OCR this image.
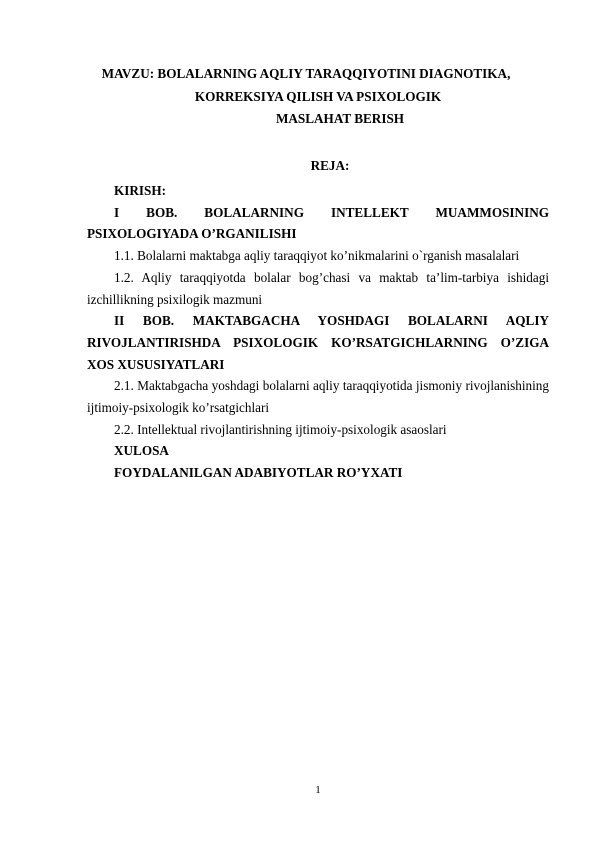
MAVZU: BOLALARNING AQLIY TARAQQIYOTINI DIAGNOTIKA,
KORREKSIYA QILISH VA PSIXOLOGIK
MASLAHAT BERISH
REJA:

KIRISH:

I BOB. BOLALARNING INTELLEKT MUAMMOSINING PSIXOLOGIYADA O’RGANILISHI

1.1. Bolalarni maktabga aqliy taraqqiyot ko’nikmalarini o`rganish masalalari

1.2. Aqliy taraqqiyotda bolalar bog’chasi va maktab ta’lim-tarbiya ishidagi izchillikning psixilogik mazmuni

II BOB. MAKTABGACHA YOSHDAGI BOLALARNI AQLIY RIVOJLANTIRISHDA PSIXOLOGIK KO’RSATGICHLARNING O’ZIGA XOS XUSUSIYATLARI

2.1. Maktabgacha yoshdagi bolalarni aqliy taraqqiyotida jismoniy rivojlanishining ijtimoiy-psixologik ko’rsatgichlari

2.2. Intellektual rivojlantirishning ijtimoiy-psixologik asaoslari

XULOSA

FOYDALANILGAN ADABIYOTLAR RO’YXATI

1
